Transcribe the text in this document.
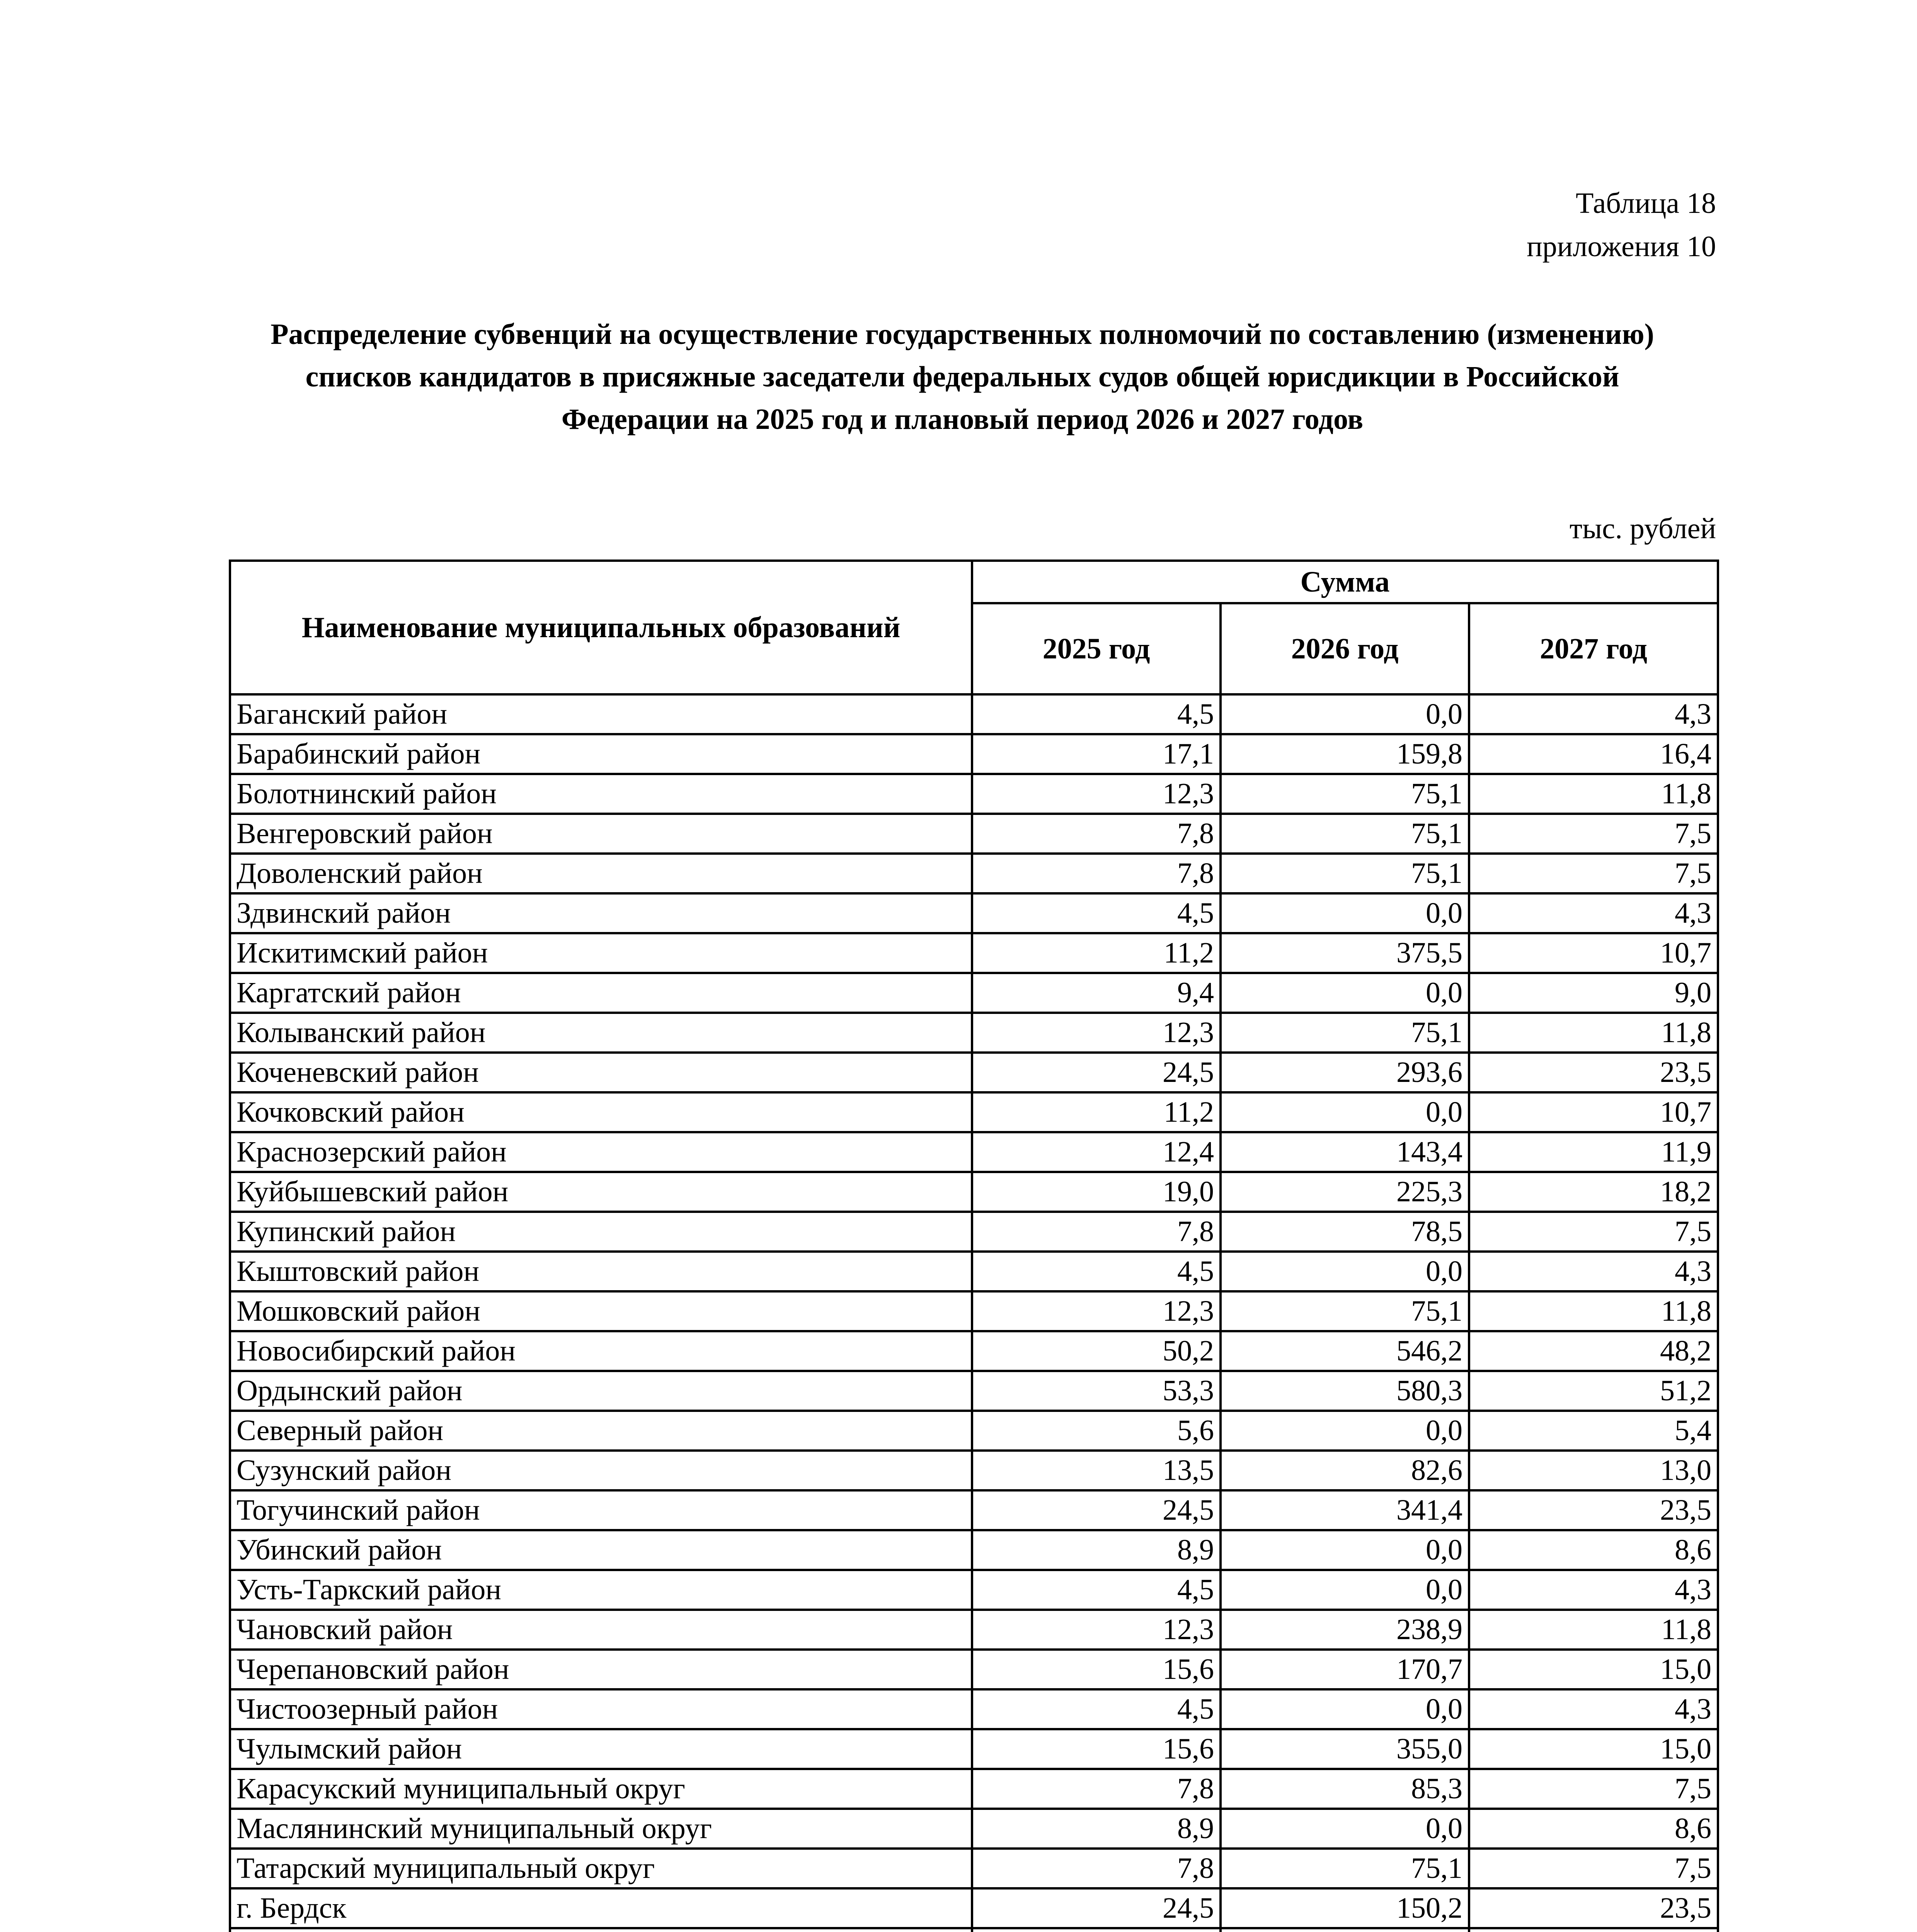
Таблица 18
приложения 10
Распределение субвенций на осуществление государственных полномочий по составлению (изменению) списков кандидатов в присяжные заседатели федеральных судов общей юрисдикции в Российской Федерации на 2025 год и плановый период 2026 и 2027 годов
тыс. рублей
Наименование муниципальных образований	Сумма		
	2025 год	2026 год	2027 год
Баганский район	4,5	0,0	4,3
Барабинский район	17,1	159,8	16,4
Болотнинский район	12,3	75,1	11,8
Венгеровский район	7,8	75,1	7,5
Доволенский район	7,8	75,1	7,5
Здвинский район	4,5	0,0	4,3
Искитимский район	11,2	375,5	10,7
Каргатский район	9,4	0,0	9,0
Колыванский район	12,3	75,1	11,8
Коченевский район	24,5	293,6	23,5
Кочковский район	11,2	0,0	10,7
Краснозерский район	12,4	143,4	11,9
Куйбышевский район	19,0	225,3	18,2
Купинский район	7,8	78,5	7,5
Кыштовский район	4,5	0,0	4,3
Мошковский район	12,3	75,1	11,8
Новосибирский район	50,2	546,2	48,2
Ордынский район	53,3	580,3	51,2
Северный район	5,6	0,0	5,4
Сузунский район	13,5	82,6	13,0
Тогучинский район	24,5	341,4	23,5
Убинский район	8,9	0,0	8,6
Усть-Таркский район	4,5	0,0	4,3
Чановский район	12,3	238,9	11,8
Черепановский район	15,6	170,7	15,0
Чистоозерный район	4,5	0,0	4,3
Чулымский район	15,6	355,0	15,0
Карасукский муниципальный округ	7,8	85,3	7,5
Маслянинский муниципальный округ	8,9	0,0	8,6
Татарский муниципальный округ	7,8	75,1	7,5
г. Бердск	24,5	150,2	23,5
